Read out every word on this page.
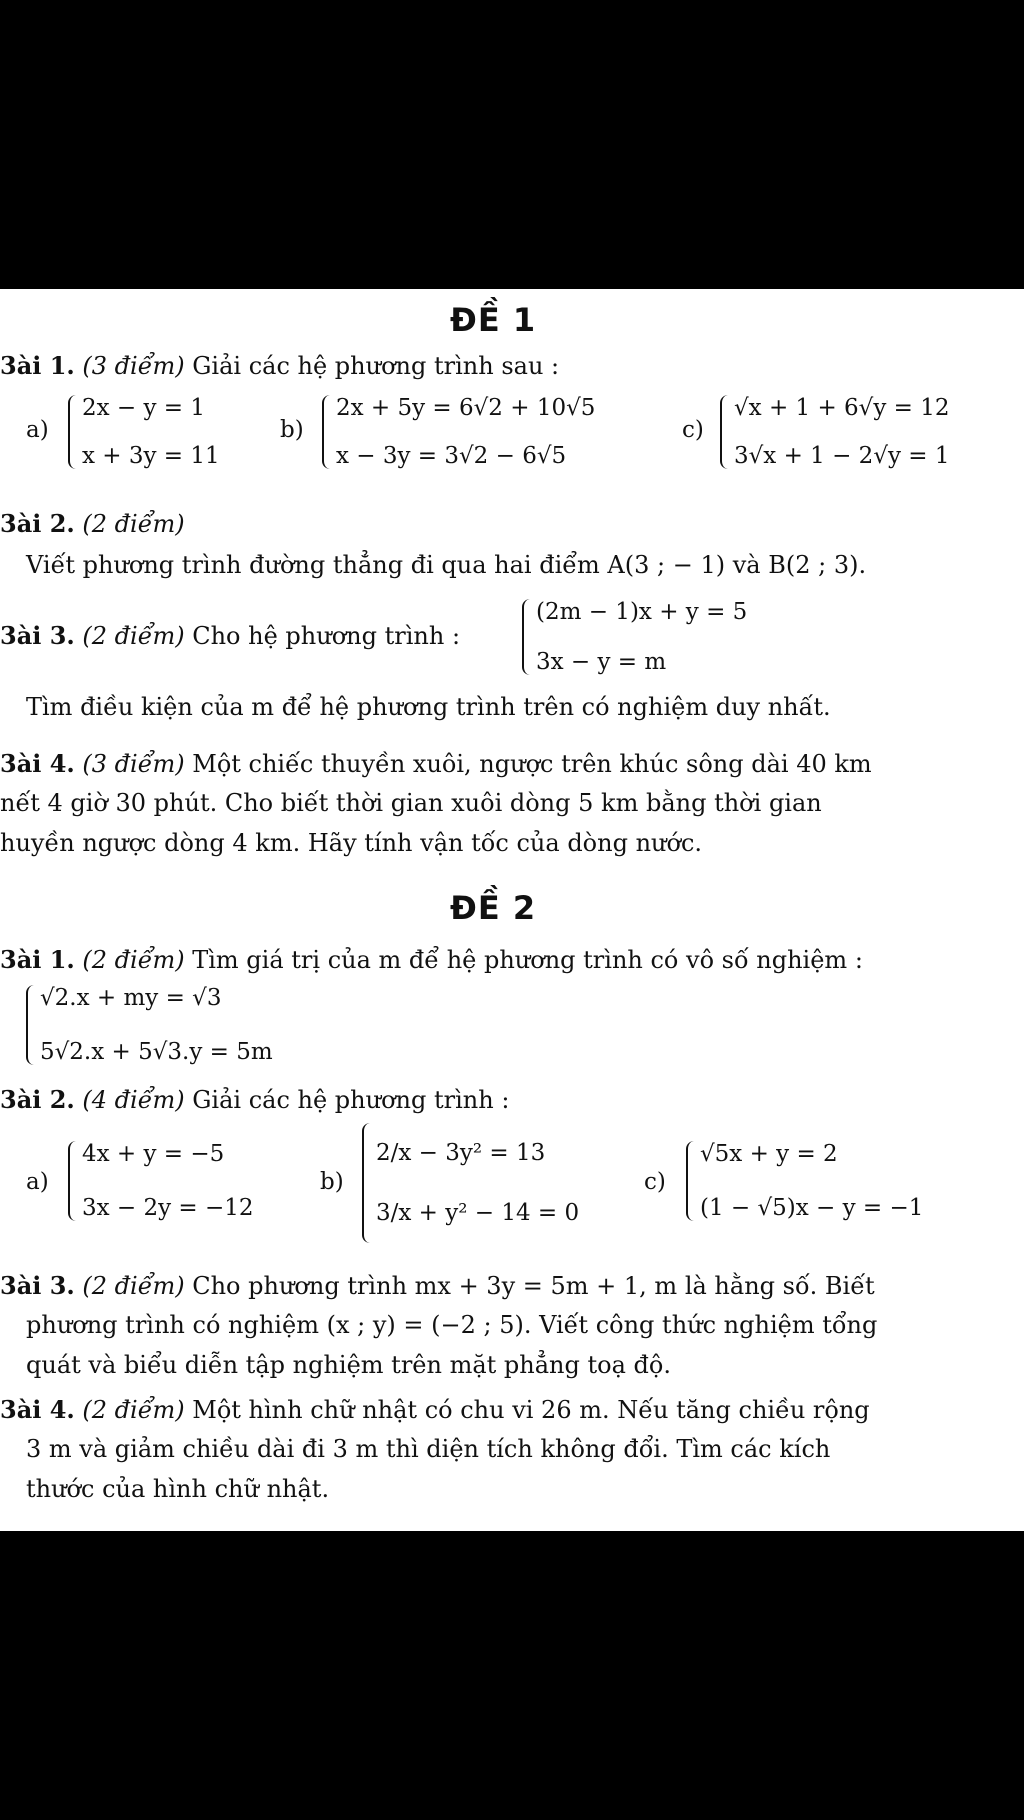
ĐỀ 1
3ài 1. (3 điểm) Giải các hệ phương trình sau :
a)
2x − y = 1
x + 3y = 11
b)
2x + 5y = 6√2 + 10√5
x − 3y = 3√2 − 6√5
c)
√x + 1 + 6√y = 12
3√x + 1 − 2√y = 1
3ài 2. (2 điểm)
Viết phương trình đường thẳng đi qua hai điểm A(3 ; − 1) và B(2 ; 3).
3ài 3. (2 điểm) Cho hệ phương trình :
(2m − 1)x + y = 5
3x − y = m
Tìm điều kiện của m để hệ phương trình trên có nghiệm duy nhất.
3ài 4. (3 điểm) Một chiếc thuyền xuôi, ngược trên khúc sông dài 40 km
nết 4 giờ 30 phút. Cho biết thời gian xuôi dòng 5 km bằng thời gian
huyền ngược dòng 4 km. Hãy tính vận tốc của dòng nước.
ĐỀ 2
3ài 1. (2 điểm) Tìm giá trị của m để hệ phương trình có vô số nghiệm :
√2.x + my = √3
5√2.x + 5√3.y = 5m
3ài 2. (4 điểm) Giải các hệ phương trình :
a)
4x + y = −5
3x − 2y = −12
b)
2/x − 3y² = 13
3/x + y² − 14 = 0
c)
√5x + y = 2
(1 − √5)x − y = −1
3ài 3. (2 điểm) Cho phương trình mx + 3y = 5m + 1, m là hằng số. Biết
phương trình có nghiệm (x ; y) = (−2 ; 5). Viết công thức nghiệm tổng
quát và biểu diễn tập nghiệm trên mặt phẳng toạ độ.
3ài 4. (2 điểm) Một hình chữ nhật có chu vi 26 m. Nếu tăng chiều rộng
3 m và giảm chiều dài đi 3 m thì diện tích không đổi. Tìm các kích
thước của hình chữ nhật.
